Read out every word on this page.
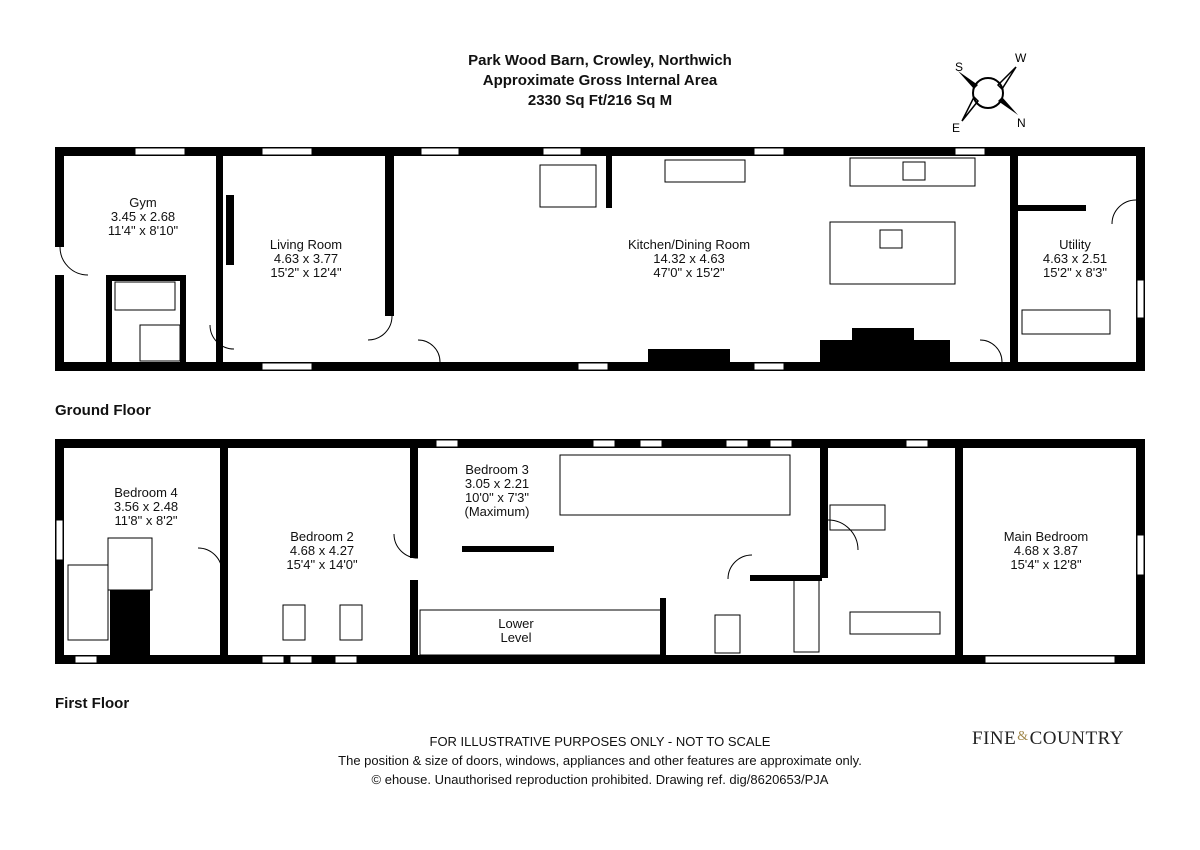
Park Wood Barn, Crowley, Northwich
Approximate Gross Internal Area
2330 Sq Ft/216 Sq M
S
W
E	N
Ground Floor
First Floor
Gym
3.45 x 2.68
11'4" x 8'10"
Living Room
4.63 x 3.77
15'2" x 12'4"
Kitchen/Dining Room
14.32 x 4.63
47'0" x 15'2"
Utility
4.63 x 2.51
15'2" x 8'3"
Bedroom 4
3.56 x 2.48
11'8" x 8'2"
Bedroom 2
4.68 x 4.27
15'4" x 14'0"
Bedroom 3
3.05 x 2.21
10'0" x 7'3"
(Maximum)
Main Bedroom
4.68 x 3.87
15'4" x 12'8"
Lower
Level
FOR ILLUSTRATIVE PURPOSES ONLY - NOT TO SCALE
The position & size of doors, windows, appliances and other features are approximate only.
© ehouse. Unauthorised reproduction prohibited. Drawing ref. dig/8620653/PJA
FINE&COUNTRY
